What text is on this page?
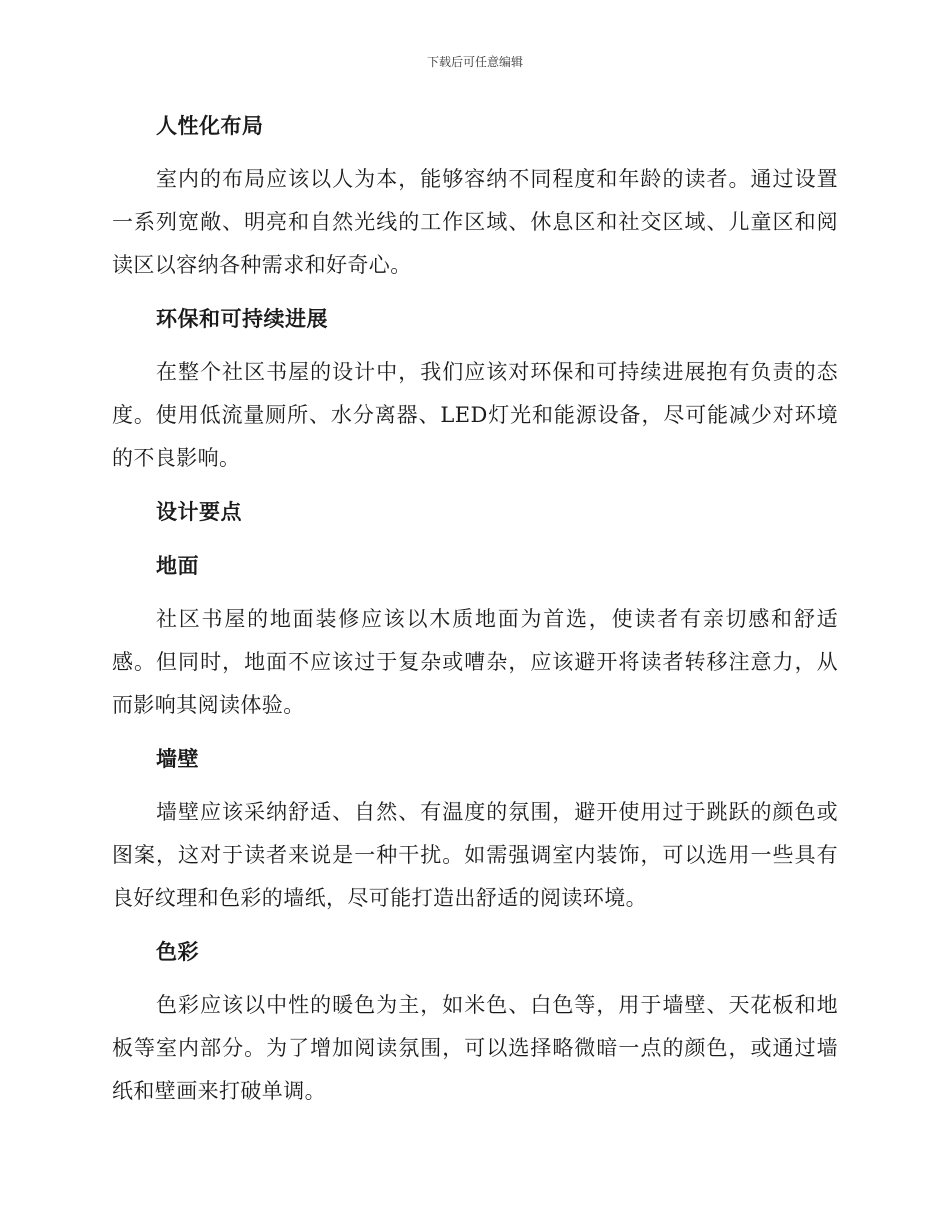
下载后可任意编辑
人性化布局

室内的布局应该以人为本，能够容纳不同程度和年龄的读者。通过设置一系列宽敞、明亮和自然光线的工作区域、休息区和社交区域、儿童区和阅读区以容纳各种需求和好奇心。

环保和可持续进展

在整个社区书屋的设计中，我们应该对环保和可持续进展抱有负责的态度。使用低流量厕所、水分离器、LED灯光和能源设备，尽可能减少对环境的不良影响。

设计要点
地面

社区书屋的地面装修应该以木质地面为首选，使读者有亲切感和舒适感。但同时，地面不应该过于复杂或嘈杂，应该避开将读者转移注意力，从而影响其阅读体验。

墙壁

墙壁应该采纳舒适、自然、有温度的氛围，避开使用过于跳跃的颜色或图案，这对于读者来说是一种干扰。如需强调室内装饰，可以选用一些具有良好纹理和色彩的墙纸，尽可能打造出舒适的阅读环境。

色彩

色彩应该以中性的暖色为主，如米色、白色等，用于墙壁、天花板和地板等室内部分。为了增加阅读氛围，可以选择略微暗一点的颜色，或通过墙纸和壁画来打破单调。
